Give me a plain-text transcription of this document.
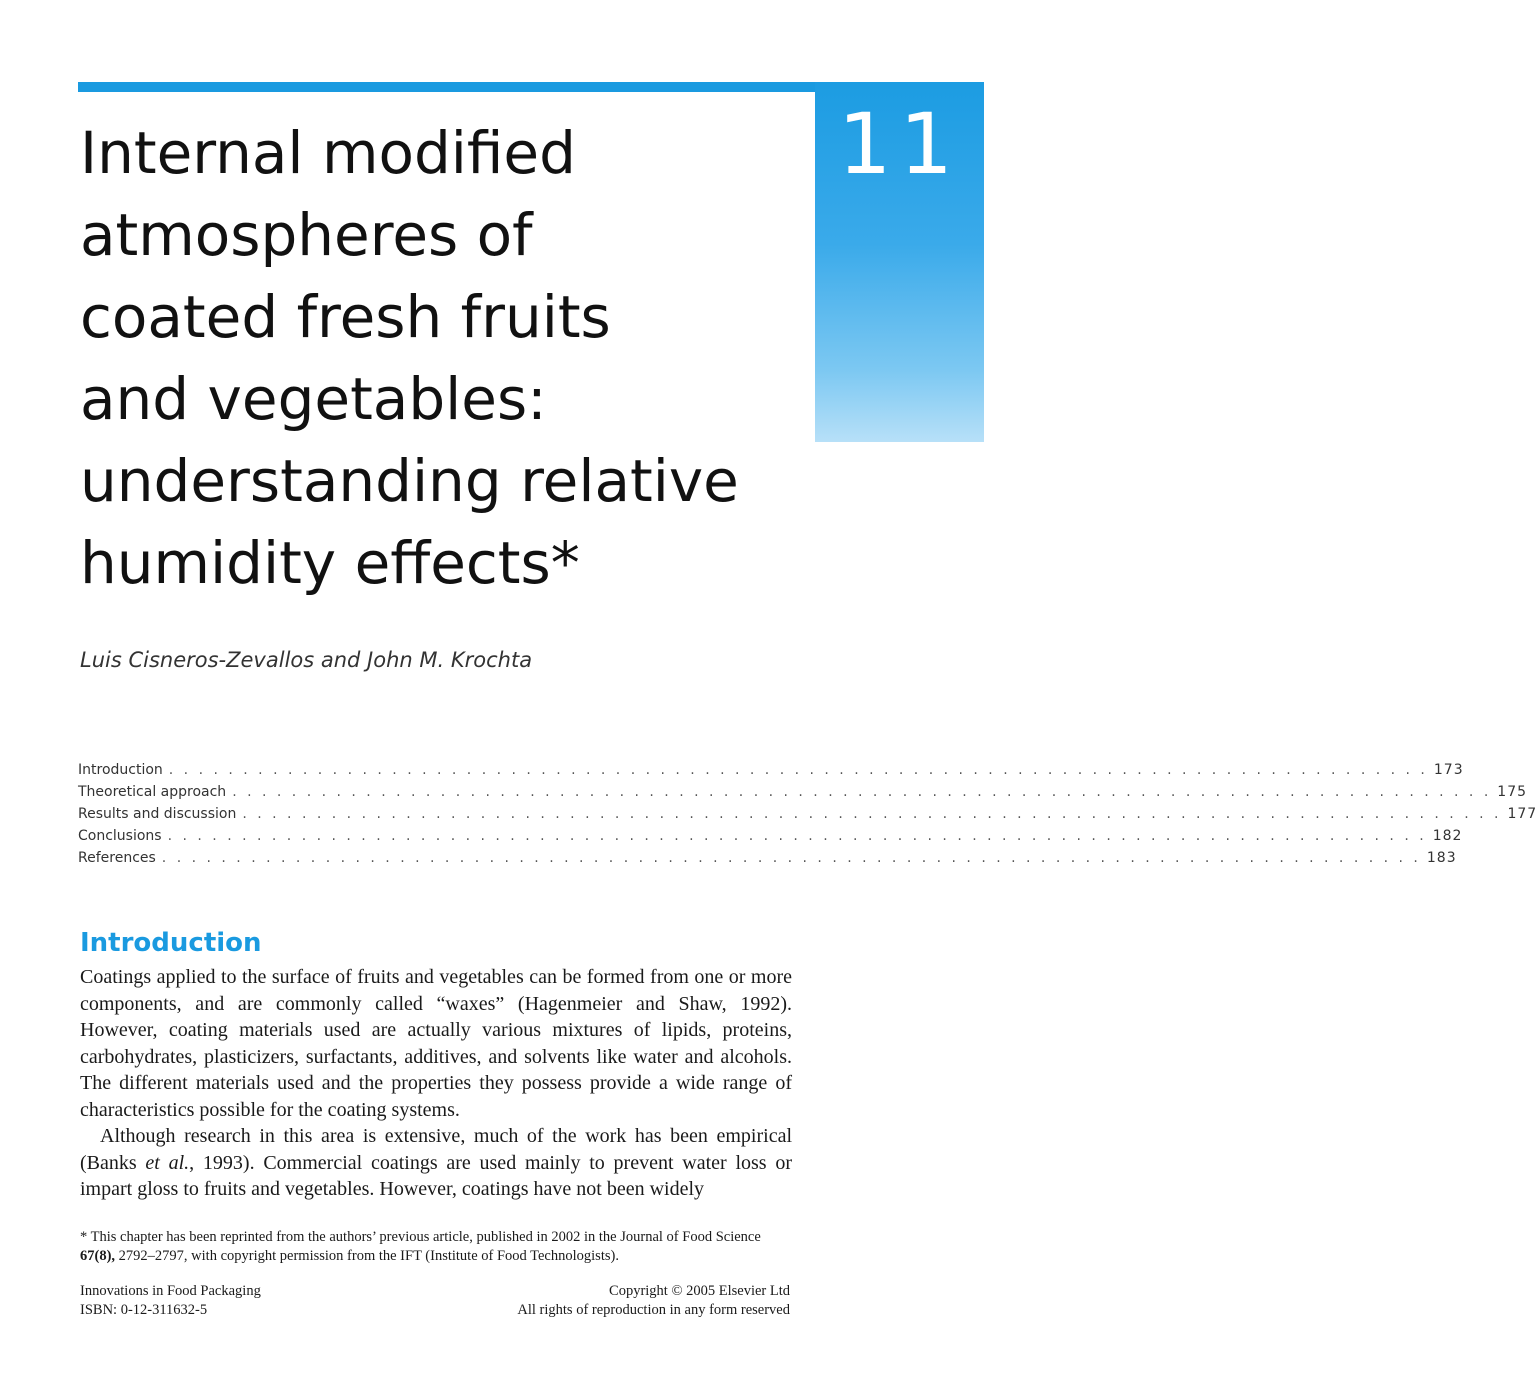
11
Internal modified
atmospheres of
coated fresh fruits
and vegetables:
understanding relative
humidity effects*
Luis Cisneros-Zevallos and John M. Krochta
Introduction . . . . . . . . . . . . . . . . . . . . . . . . . . . . . . . . . . . . . . . . . . . . . . . . . . . . . . . . . . . . . . . . . . . . . . . . . . . . . . . . . . . . . 173
Theoretical approach . . . . . . . . . . . . . . . . . . . . . . . . . . . . . . . . . . . . . . . . . . . . . . . . . . . . . . . . . . . . . . . . . . . . . . . . . . . . . . . . . . . . . 175
Results and discussion . . . . . . . . . . . . . . . . . . . . . . . . . . . . . . . . . . . . . . . . . . . . . . . . . . . . . . . . . . . . . . . . . . . . . . . . . . . . . . . . . . . . . 177
Conclusions . . . . . . . . . . . . . . . . . . . . . . . . . . . . . . . . . . . . . . . . . . . . . . . . . . . . . . . . . . . . . . . . . . . . . . . . . . . . . . . . . . . . . 182
References . . . . . . . . . . . . . . . . . . . . . . . . . . . . . . . . . . . . . . . . . . . . . . . . . . . . . . . . . . . . . . . . . . . . . . . . . . . . . . . . . . . . . 183
Introduction

Coatings applied to the surface of fruits and vegetables can be formed from one or more components, and are commonly called “waxes” (Hagenmeier and Shaw, 1992). However, coating materials used are actually various mixtures of lipids, proteins, carbohydrates, plasticizers, surfactants, additives, and solvents like water and alcohols. The different materials used and the properties they possess provide a wide range of characteristics possible for the coating systems.

Although research in this area is extensive, much of the work has been empirical (Banks et al., 1993). Commercial coatings are used mainly to prevent water loss or impart gloss to fruits and vegetables. However, coatings have not been widely

* This chapter has been reprinted from the authors’ previous article, published in 2002 in the Journal of Food Science 67(8), 2792–2797, with copyright permission from the IFT (Institute of Food Technologists).
Innovations in Food Packaging
ISBN: 0-12-311632-5
Copyright © 2005 Elsevier Ltd
All rights of reproduction in any form reserved
